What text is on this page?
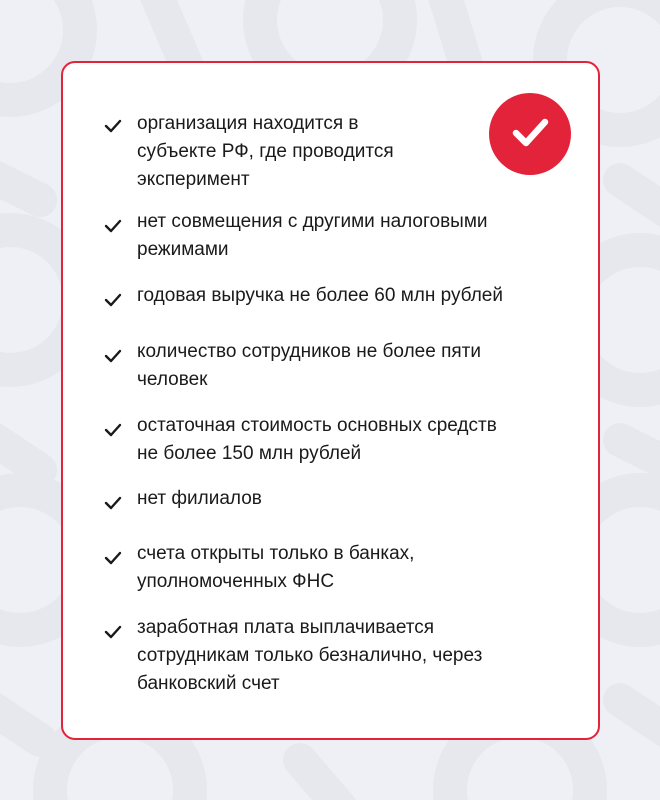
организация находится в
субъекте РФ, где проводится
эксперимент
нет совмещения с другими налоговыми
режимами
годовая выручка не более 60 млн рублей
количество сотрудников не более пяти
человек
остаточная стоимость основных средств
не более 150 млн рублей
нет филиалов
счета открыты только в банках,
уполномоченных ФНС
заработная плата выплачивается
сотрудникам только безналично, через
банковский счет
